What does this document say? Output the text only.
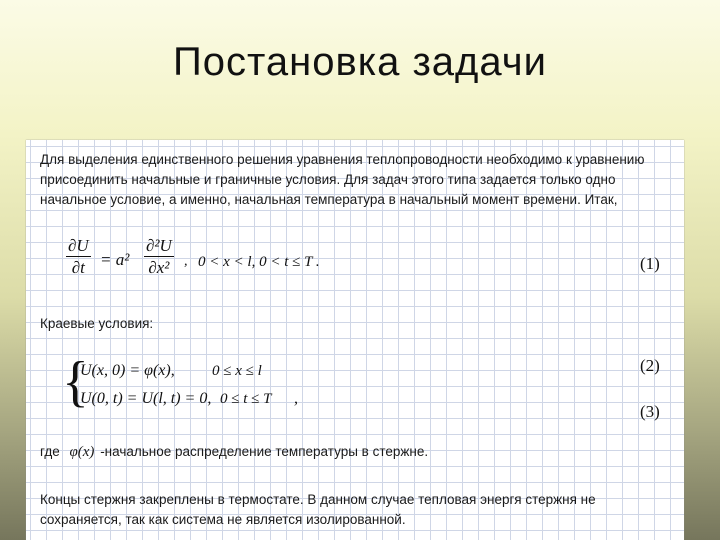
Постановка задачи

Для выделения единственного решения уравнения теплопроводности необходимо к уравнению присоединить начальные и граничные условия. Для задач этого типа задается только одно начальное условие, а именно, начальная температура в начальный момент времени. Итак,

$\frac{\partial U}{\partial t} = a^2 \frac{\text{∂²U}}{\text{∂x²}}$ , 0 < x < l, 0 < t ≤ T .	(1)

Краевые условия:

{
U(x, 0) = φ(x), 0 ≤ x ≤ l
U(0, t) = U(l, t) = 0, 0 ≤ t ≤ T ,
(2)
(3)
где φ(x) -начальное распределение температуры в стержне.

Концы стержня закреплены в термостате. В данном случае тепловая энергя стержня не сохраняется, так как система не является изолированной.
